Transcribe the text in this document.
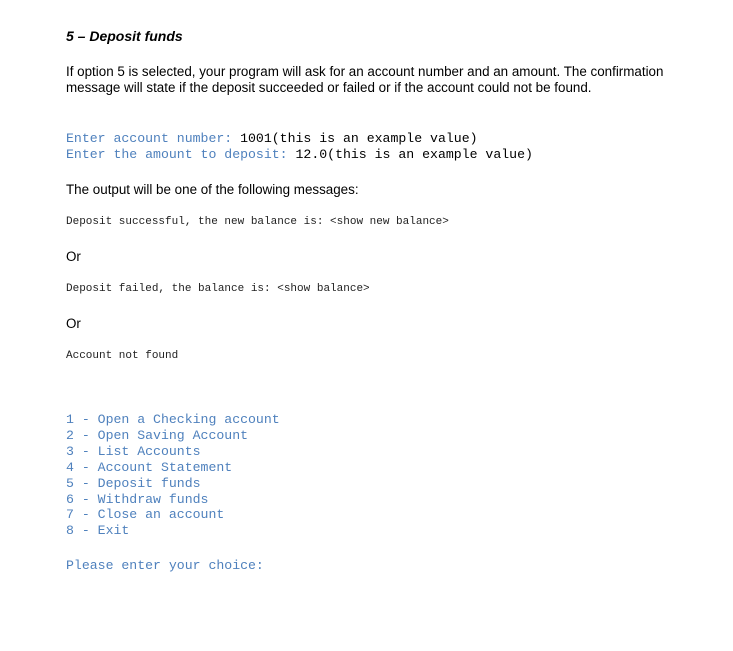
5 – Deposit funds
If option 5 is selected, your program will ask for an account number and an amount. The confirmation message will state if the deposit succeeded or failed or if the account could not be found.
Enter account number: 1001(this is an example value)
Enter the amount to deposit: 12.0(this is an example value)
The output will be one of the following messages:
Deposit successful, the new balance is: <show new balance>
Or
Deposit failed, the balance is: <show balance>
Or
Account not found
1 - Open a Checking account
2 - Open Saving Account
3 - List Accounts
4 - Account Statement
5 - Deposit funds
6 - Withdraw funds
7 - Close an account
8 - Exit
Please enter your choice:
